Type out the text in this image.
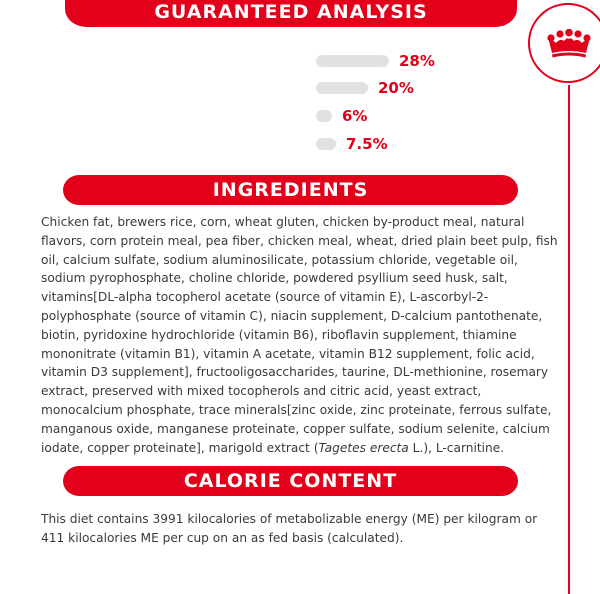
GUARANTEED ANALYSIS
28%
20%
6%
7.5%
INGREDIENTS
Chicken fat, brewers rice, corn, wheat gluten, chicken by-product meal, natural flavors, corn protein meal, pea fiber, chicken meal, wheat, dried plain beet pulp, fish oil, calcium sulfate, sodium aluminosilicate, potassium chloride, vegetable oil, sodium pyrophosphate, choline chloride, powdered psyllium seed husk, salt, vitamins[DL-alpha tocopherol acetate (source of vitamin E), L-ascorbyl-2-polyphosphate (source of vitamin C), niacin supplement, D-calcium pantothenate, biotin, pyridoxine hydrochloride (vitamin B6), riboflavin supplement, thiamine mononitrate (vitamin B1), vitamin A acetate, vitamin B12 supplement, folic acid, vitamin D3 supplement], fructooligosaccharides, taurine, DL-methionine, rosemary extract, preserved with mixed tocopherols and citric acid, yeast extract, monocalcium phosphate, trace minerals[zinc oxide, zinc proteinate, ferrous sulfate, manganous oxide, manganese proteinate, copper sulfate, sodium selenite, calcium iodate, copper proteinate], marigold extract (Tagetes erecta L.), L-carnitine.
CALORIE CONTENT
This diet contains 3991 kilocalories of metabolizable energy (ME) per kilogram or 411 kilocalories ME per cup on an as fed basis (calculated).
